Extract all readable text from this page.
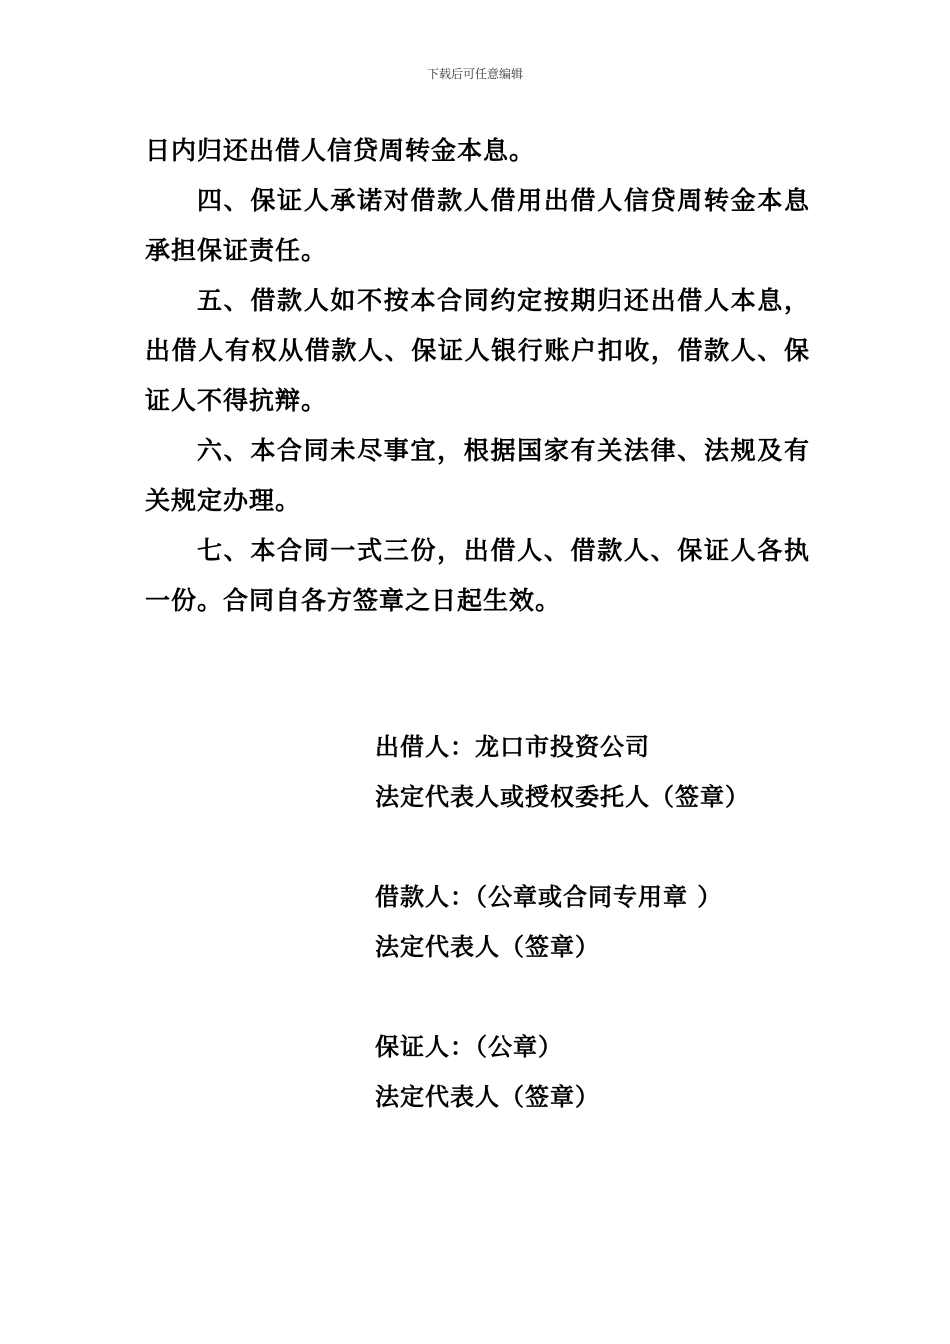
下载后可任意编辑

日内归还出借人信贷周转金本息。

四、保证人承诺对借款人借用出借人信贷周转金本息承担保证责任。

五、借款人如不按本合同约定按期归还出借人本息，出借人有权从借款人、保证人银行账户扣收，借款人、保证人不得抗辩。

六、本合同未尽事宜，根据国家有关法律、法规及有关规定办理。

七、本合同一式三份，出借人、借款人、保证人各执一份。合同自各方签章之日起生效。

出借人：龙口市投资公司

法定代表人或授权委托人（签章）

借款人：（公章或合同专用章 ）

法定代表人（签章）

保证人：（公章）

法定代表人（签章）
